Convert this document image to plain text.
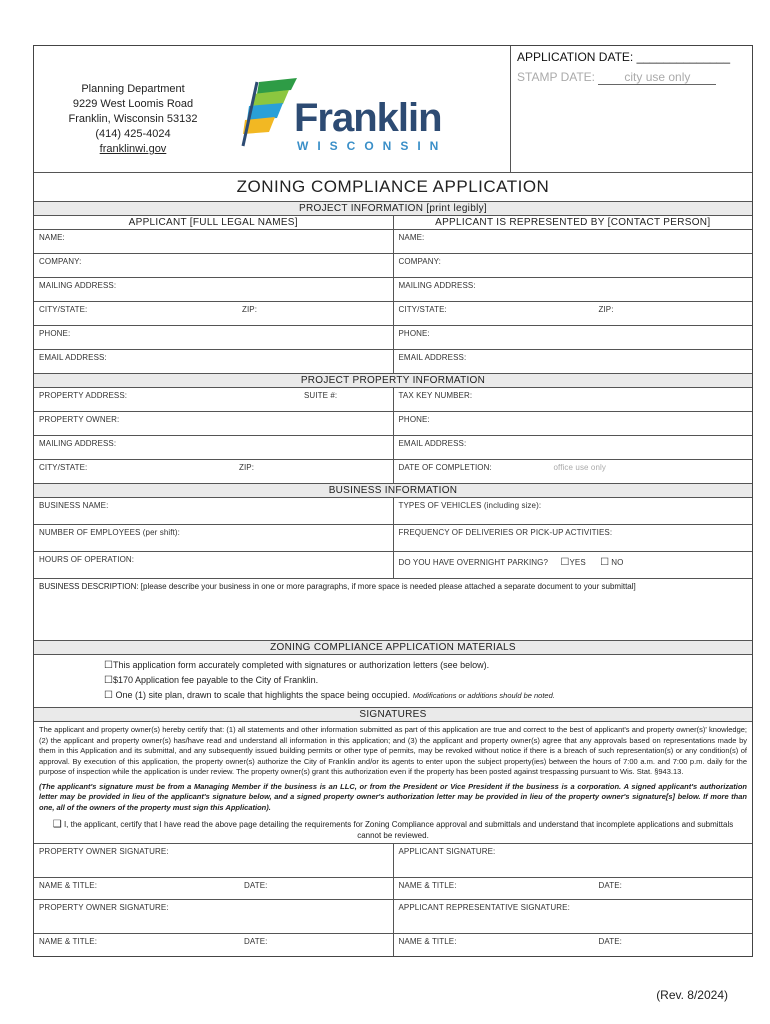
Planning Department
9229 West Loomis Road
Franklin, Wisconsin 53132
(414) 425-4024
franklinwi.gov
Franklin
WISCONSIN
APPLICATION DATE: ______________
STAMP DATE: city use only
ZONING COMPLIANCE APPLICATION
PROJECT INFORMATION [print legibly]
APPLICANT [FULL LEGAL NAMES]	APPLICANT IS REPRESENTED BY [CONTACT PERSON]
NAME:	NAME:
COMPANY:	COMPANY:
MAILING ADDRESS:	MAILING ADDRESS:
CITY/STATE:	ZIP:	CITY/STATE:	ZIP:
PHONE:	PHONE:
EMAIL ADDRESS:	EMAIL ADDRESS:
PROJECT PROPERTY INFORMATION
PROPERTY ADDRESS:	SUITE #:	TAX KEY NUMBER:
PROPERTY OWNER:	PHONE:
MAILING ADDRESS:	EMAIL ADDRESS:
CITY/STATE:	ZIP:	DATE OF COMPLETION:	office use only
BUSINESS INFORMATION
BUSINESS NAME:	TYPES OF VEHICLES (including size):
NUMBER OF EMPLOYEES (per shift):	FREQUENCY OF DELIVERIES OR PICK-UP ACTIVITIES:
HOURS OF OPERATION:	DO YOU HAVE OVERNIGHT PARKING? ☐YES ☐ NO
BUSINESS DESCRIPTION: [please describe your business in one or more paragraphs, if more space is needed please attached a separate document to your submittal]
ZONING COMPLIANCE APPLICATION MATERIALS
☐This application form accurately completed with signatures or authorization letters (see below).
☐$170 Application fee payable to the City of Franklin.
☐ One (1) site plan, drawn to scale that highlights the space being occupied. Modifications or additions should be noted.
SIGNATURES
The applicant and property owner(s) hereby certify that: (1) all statements and other information submitted as part of this application are true and correct to the best of applicant's and property owner(s)' knowledge; (2) the applicant and property owner(s) has/have read and understand all information in this application; and (3) the applicant and property owner(s) agree that any approvals based on representations made by them in this Application and its submittal, and any subsequently issued building permits or other type of permits, may be revoked without notice if there is a breach of such representation(s) or any condition(s) of approval. By execution of this application, the property owner(s) authorize the City of Franklin and/or its agents to enter upon the subject property(ies) between the hours of 7:00 a.m. and 7:00 p.m. daily for the purpose of inspection while the application is under review. The property owner(s) grant this authorization even if the property has been posted against trespassing pursuant to Wis. Stat. §943.13.
(The applicant's signature must be from a Managing Member if the business is an LLC, or from the President or Vice President if the business is a corporation. A signed applicant's authorization letter may be provided in lieu of the applicant's signature below, and a signed property owner's authorization letter may be provided in lieu of the property owner's signature[s] below. If more than one, all of the owners of the property must sign this Application).
❑ I, the applicant, certify that I have read the above page detailing the requirements for Zoning Compliance approval and submittals and understand that incomplete applications and submittals cannot be reviewed.
PROPERTY OWNER SIGNATURE:	APPLICANT SIGNATURE:
NAME & TITLE:	DATE:	NAME & TITLE:	DATE:
PROPERTY OWNER SIGNATURE:	APPLICANT REPRESENTATIVE SIGNATURE:
NAME & TITLE:	DATE:	NAME & TITLE:	DATE:
(Rev. 8/2024)
